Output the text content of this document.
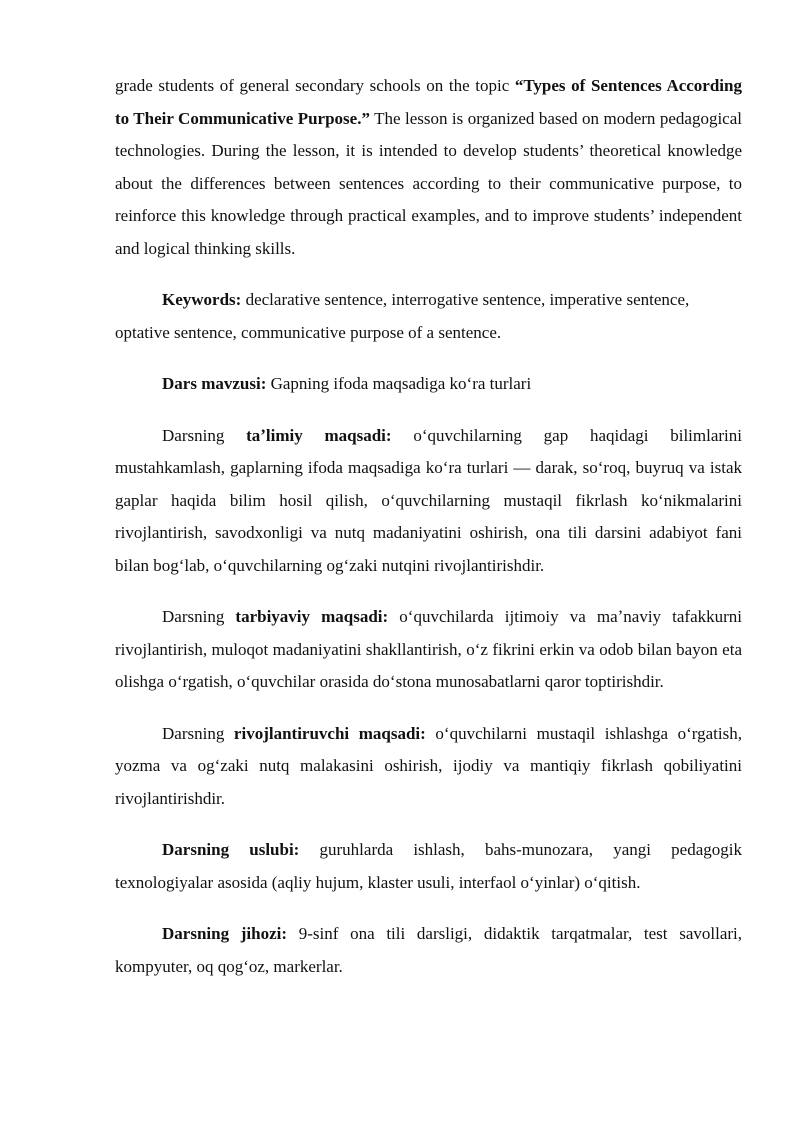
grade students of general secondary schools on the topic “Types of Sentences According to Their Communicative Purpose.” The lesson is organized based on modern pedagogical technologies. During the lesson, it is intended to develop students’ theoretical knowledge about the differences between sentences according to their communicative purpose, to reinforce this knowledge through practical examples, and to improve students’ independent and logical thinking skills.

Keywords: declarative sentence, interrogative sentence, imperative sentence, optative sentence, communicative purpose of a sentence.

Dars mavzusi: Gapning ifoda maqsadiga koʻra turlari

Darsning taʼlimiy maqsadi: oʻquvchilarning gap haqidagi bilimlarini mustahkamlash, gaplarning ifoda maqsadiga koʻra turlari — darak, soʻroq, buyruq va istak gaplar haqida bilim hosil qilish, oʻquvchilarning mustaqil fikrlash koʻnikmalarini rivojlantirish, savodxonligi va nutq madaniyatini oshirish, ona tili darsini adabiyot fani bilan bogʻlab, oʻquvchilarning ogʻzaki nutqini rivojlantirishdir.

Darsning tarbiyaviy maqsadi: oʻquvchilarda ijtimoiy va maʼnaviy tafakkurni rivojlantirish, muloqot madaniyatini shakllantirish, oʻz fikrini erkin va odob bilan bayon eta olishga oʻrgatish, oʻquvchilar orasida doʻstona munosabatlarni qaror toptirishdir.

Darsning rivojlantiruvchi maqsadi: oʻquvchilarni mustaqil ishlashga oʻrgatish, yozma va ogʻzaki nutq malakasini oshirish, ijodiy va mantiqiy fikrlash qobiliyatini rivojlantirishdir.

Darsning uslubi: guruhlarda ishlash, bahs-munozara, yangi pedagogik texnologiyalar asosida (aqliy hujum, klaster usuli, interfaol oʻyinlar) oʻqitish.

Darsning jihozi: 9-sinf ona tili darsligi, didaktik tarqatmalar, test savollari, kompyuter, oq qogʻoz, markerlar.
